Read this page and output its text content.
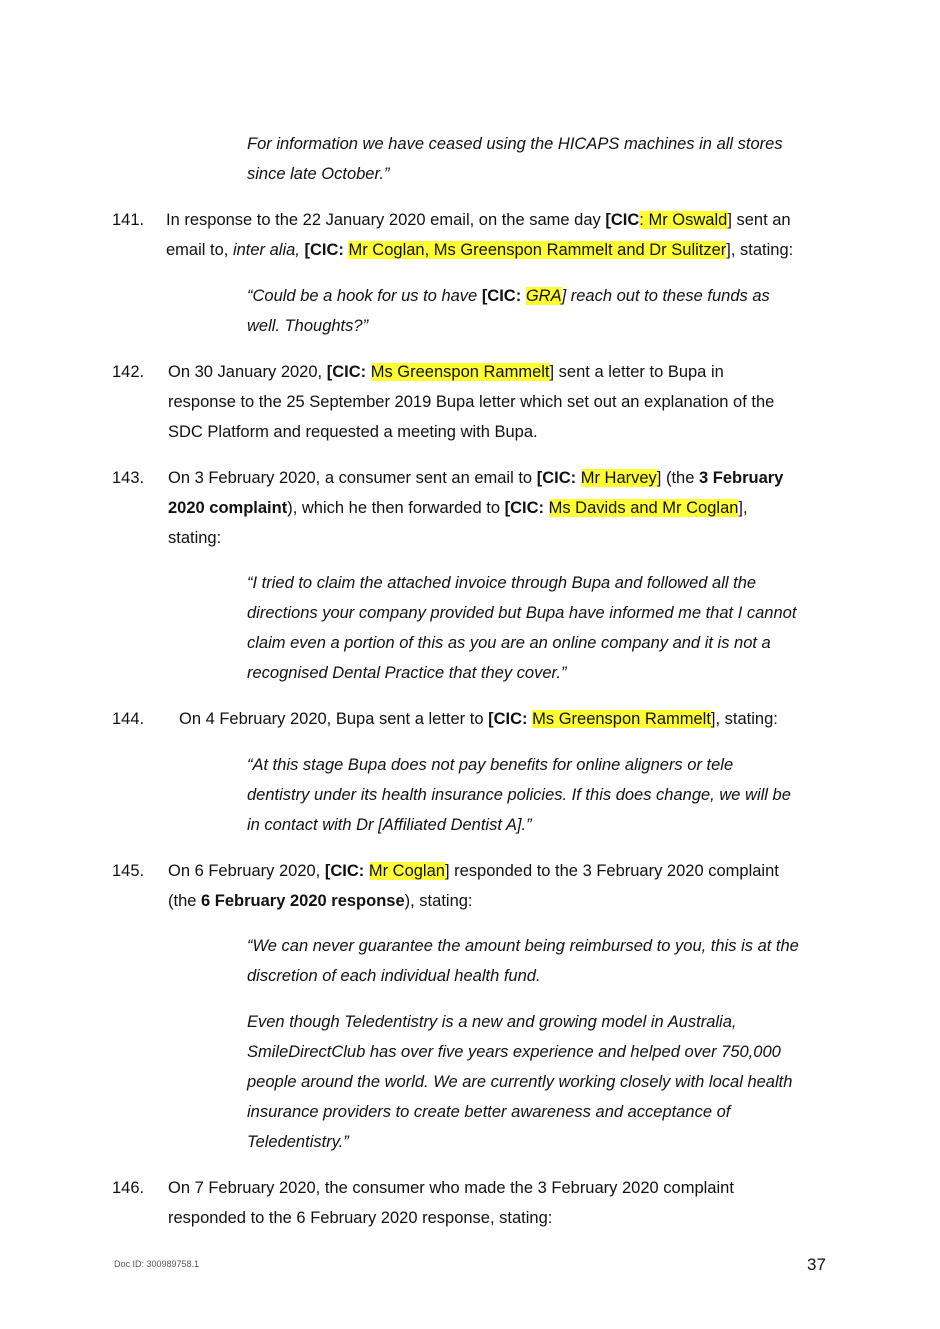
For information we have ceased using the HICAPS machines in all stores
since late October.”
141. In response to the 22 January 2020 email, on the same day [CIC: Mr Oswald] sent an
email to, inter alia, [CIC: Mr Coglan, Ms Greenspon Rammelt and Dr Sulitzer], stating:
“Could be a hook for us to have [CIC: GRA] reach out to these funds as
well. Thoughts?”
142. On 30 January 2020, [CIC: Ms Greenspon Rammelt] sent a letter to Bupa in
response to the 25 September 2019 Bupa letter which set out an explanation of the
SDC Platform and requested a meeting with Bupa.
143. On 3 February 2020, a consumer sent an email to [CIC: Mr Harvey] (the 3 February
2020 complaint), which he then forwarded to [CIC: Ms Davids and Mr Coglan],
stating:
“I tried to claim the attached invoice through Bupa and followed all the
directions your company provided but Bupa have informed me that I cannot
claim even a portion of this as you are an online company and it is not a
recognised Dental Practice that they cover.”
144. On 4 February 2020, Bupa sent a letter to [CIC: Ms Greenspon Rammelt], stating:
“At this stage Bupa does not pay benefits for online aligners or tele
dentistry under its health insurance policies. If this does change, we will be
in contact with Dr [Affiliated Dentist A].”
145. On 6 February 2020, [CIC: Mr Coglan] responded to the 3 February 2020 complaint
(the 6 February 2020 response), stating:
“We can never guarantee the amount being reimbursed to you, this is at the
discretion of each individual health fund.
Even though Teledentistry is a new and growing model in Australia,
SmileDirectClub has over five years experience and helped over 750,000
people around the world. We are currently working closely with local health
insurance providers to create better awareness and acceptance of
Teledentistry.”
146. On 7 February 2020, the consumer who made the 3 February 2020 complaint
responded to the 6 February 2020 response, stating:
Doc ID: 300989758.1	37
